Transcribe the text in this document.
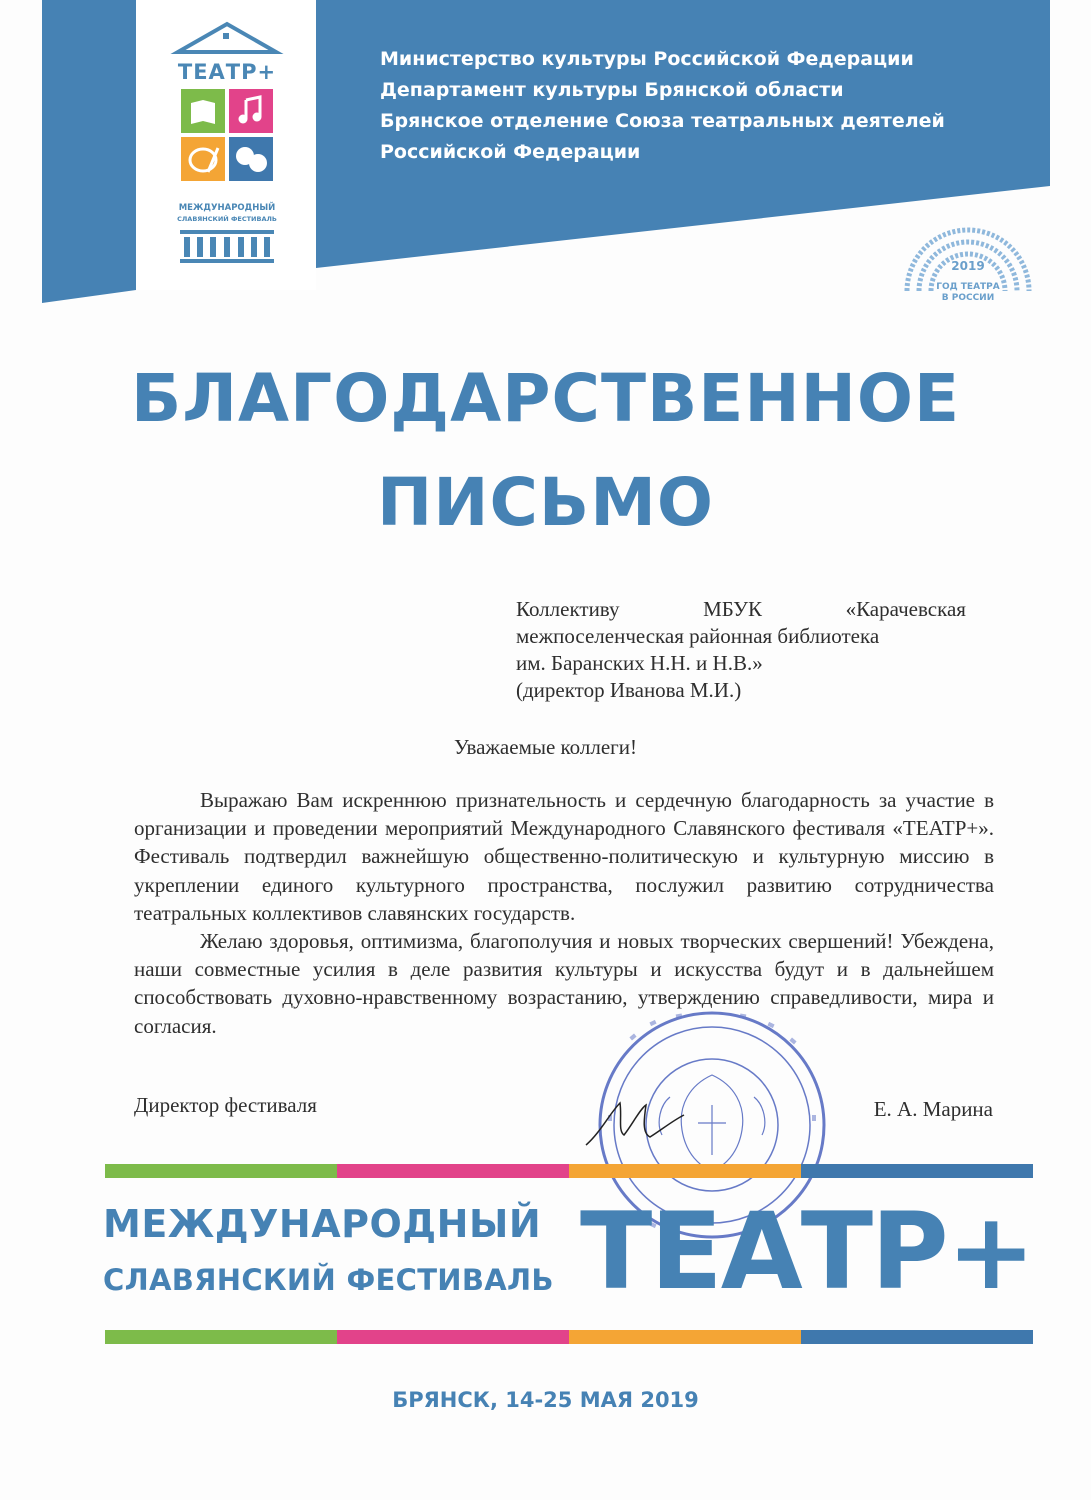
Министерство культуры Российской Федерации
Департамент культуры Брянской области
Брянское отделение Союза театральных деятелей
Российской Федерации
ТЕАТР+
МЕЖДУНАРОДНЫЙ
СЛАВЯНСКИЙ ФЕСТИВАЛЬ
2019
ГОД ТЕАТРА
В РОССИИ
БЛАГОДАРСТВЕННОЕ
ПИСЬМО
Коллективу	МБУК	«Карачевская
межпоселенческая районная библиотека
им. Баранских Н.Н. и Н.В.»
(директор Иванова М.И.)
Уважаемые коллеги!

Выражаю Вам искреннюю признательность и сердечную благодарность за участие в организации и проведении мероприятий Международного Славянского фестиваля «ТЕАТР+». Фестиваль подтвердил важнейшую общественно-политическую и культурную миссию в укреплении единого культурного пространства, послужил развитию сотрудничества театральных коллективов славянских государств.

Желаю здоровья, оптимизма, благополучия и новых творческих свершений! Убеждена, наши совместные усилия в деле развития культуры и искусства будут и в дальнейшем способствовать духовно-нравственному возрастанию, утверждению справедливости, мира и согласия.

Директор фестиваля	Е. А. Марина
МЕЖДУНАРОДНЫЙ
СЛАВЯНСКИЙ ФЕСТИВАЛЬ ТЕАТР+
БРЯНСК, 14-25 МАЯ 2019
